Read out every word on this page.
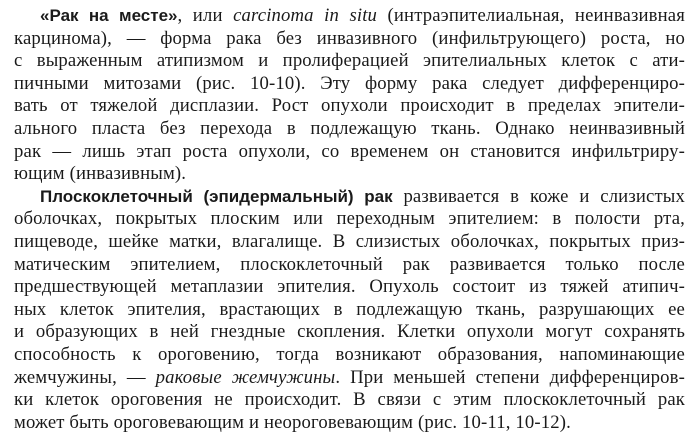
«Рак на месте», или carcinoma in situ (интраэпителиальная, неинвазивная
карцинома), — форма рака без инвазивного (инфильтрующего) роста, но
с выраженным атипизмом и пролиферацией эпителиальных клеток с ати-
пичными митозами (рис. 10-10). Эту форму рака следует дифференциро-
вать от тяжелой дисплазии. Рост опухоли происходит в пределах эпители-
ального пласта без перехода в подлежащую ткань. Однако неинвазивный
рак — лишь этап роста опухоли, со временем он становится инфильтриру-
ющим (инвазивным).
Плоскоклеточный (эпидермальный) рак развивается в коже и слизистых
оболочках, покрытых плоским или переходным эпителием: в полости рта,
пищеводе, шейке матки, влагалище. В слизистых оболочках, покрытых приз-
матическим эпителием, плоскоклеточный рак развивается только после
предшествующей метаплазии эпителия. Опухоль состоит из тяжей атипич-
ных клеток эпителия, врастающих в подлежащую ткань, разрушающих ее
и образующих в ней гнездные скопления. Клетки опухоли могут сохранять
способность к ороговению, тогда возникают образования, напоминающие
жемчужины, — раковые жемчужины. При меньшей степени дифференциров-
ки клеток ороговения не происходит. В связи с этим плоскоклеточный рак
может быть ороговевающим и неороговевающим (рис. 10-11, 10-12).
